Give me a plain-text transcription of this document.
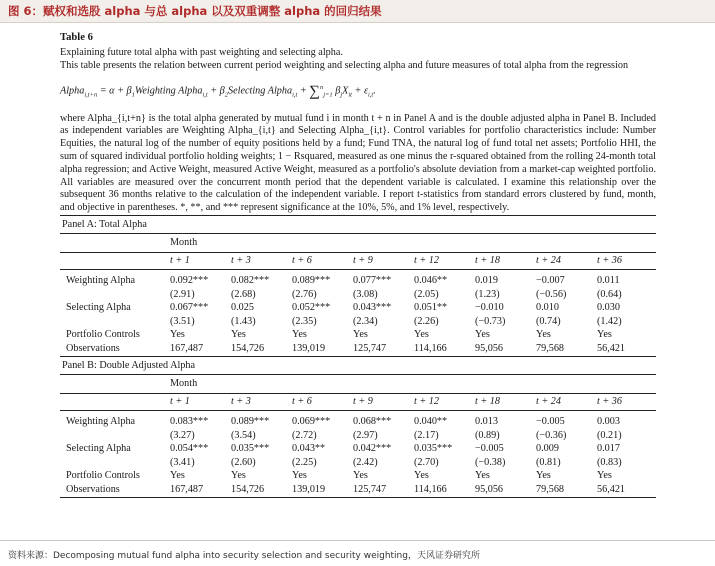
图 6：赋权和选股 alpha 与总 alpha 以及双重调整 alpha 的回归结果

Table 6

Explaining future total alpha with past weighting and selecting alpha.

This table presents the relation between current period weighting and selecting alpha and future measures of total alpha from the regression

Alpha$_{i,t+n}$ = $\alpha + \beta_1Weighting$ Alpha$_{i,t}$ + $\beta_2Selecting$ Alpha$_{i,t}$ + ∑$^n_{j=1}$ $\beta_jX_{it} + \varepsilon_{i,t}$.

where Alpha_{i,t+n} is the total alpha generated by mutual fund i in month t + n in Panel A and is the double adjusted alpha in Panel B. Included as independent variables are Weighting Alpha_{i,t} and Selecting Alpha_{i,t}. Control variables for portfolio characteristics include: Number Equities, the natural log of the number of equity positions held by a fund; Fund TNA, the natural log of fund total net assets; Portfolio HHI, the sum of squared individual portfolio holding weights; 1 − Rsquared, measured as one minus the r-squared obtained from the rolling 24-month total alpha regression; and Active Weight, measured Active Weight, measured as a portfolio's absolute deviation from a market-cap weighted portfolio. All variables are measured over the concurrent month period that the dependent variable is calculated. I examine this relationship over the subsequent 36 months relative to the calculation of the independent variable. I report t-statistics from standard errors clustered by fund, month, and objective in parentheses. *, **, and *** represent significance at the 10%, 5%, and 1% level, respectively.

Panel A: Total Alpha								
	Month							
	t + 1	t + 3	t + 6	t + 9	t + 12	t + 18	t + 24	t + 36

Weighting Alpha	0.092***	0.082***	0.089***	0.077***	0.046**	0.019	−0.007	0.011
	(2.91)	(2.68)	(2.76)	(3.08)	(2.05)	(1.23)	(−0.56)	(0.64)
Selecting Alpha	0.067***	0.025	0.052***	0.043***	0.051**	−0.010	0.010	0.030
	(3.51)	(1.43)	(2.35)	(2.34)	(2.26)	(−0.73)	(0.74)	(1.42)
Portfolio Controls	Yes	Yes	Yes	Yes	Yes	Yes	Yes	Yes
Observations	167,487	154,726	139,019	125,747	114,166	95,056	79,568	56,421
Panel B: Double Adjusted Alpha								
	Month							
	t + 1	t + 3	t + 6	t + 9	t + 12	t + 18	t + 24	t + 36

Weighting Alpha	0.083***	0.089***	0.069***	0.068***	0.040**	0.013	−0.005	0.003
	(3.27)	(3.54)	(2.72)	(2.97)	(2.17)	(0.89)	(−0.36)	(0.21)
Selecting Alpha	0.054***	0.035***	0.043**	0.042***	0.035***	−0.005	0.009	0.017
	(3.41)	(2.60)	(2.25)	(2.42)	(2.70)	(−0.38)	(0.81)	(0.83)
Portfolio Controls	Yes	Yes	Yes	Yes	Yes	Yes	Yes	Yes
Observations	167,487	154,726	139,019	125,747	114,166	95,056	79,568	56,421
资料来源：Decomposing mutual fund alpha into security selection and security weighting，天风证券研究所
